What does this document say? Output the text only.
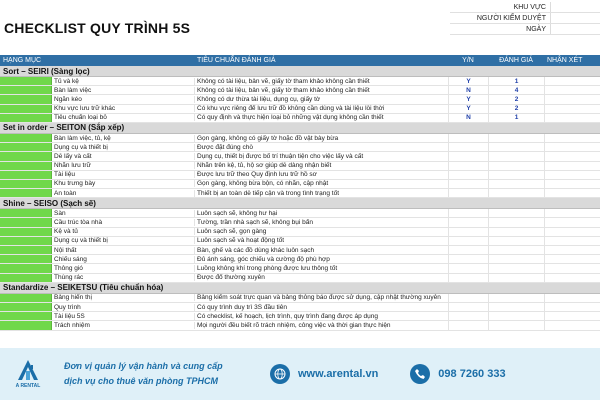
CHECKLIST QUY TRÌNH 5S
KHU VỰC
NGƯỜI KIỂM DUYỆT
NGÀY
HẠNG MỤC	TIÊU CHUẨN ĐÁNH GIÁ	Y/N	ĐÁNH GIÁ	NHẬN XÉT
Sort – SEIRI (Sàng lọc)
Tủ và kệ	Không có tài liệu, bản vẽ, giấy tờ tham khảo không cần thiết	Y	1
Bàn làm việc	Không có tài liệu, bản vẽ, giấy tờ tham khảo không cần thiết	N	4
Ngăn kéo	Không có dư thừa tài liệu, dụng cụ, giấy tờ	Y	2
Khu vực lưu trữ khác	Có khu vực riêng để lưu trữ đồ không cần dùng và tài liệu lỗi thời	Y	2
Tiêu chuẩn loại bỏ	Có quy định và thực hiện loại bỏ những vật dụng không cần thiết	N	1
Set in order – SEITON (Sắp xếp)
Bàn làm việc, tủ, kệ	Gọn gàng, không có giấy tờ hoặc đồ vật bày bừa
Dụng cụ và thiết bị	Được đặt đúng chỗ
Dễ lấy và cất	Dụng cụ, thiết bị được bố trí thuận tiện cho việc lấy và cất
Nhãn lưu trữ	Nhãn trên kệ, tủ, hộ sơ giúp dễ dàng nhận biết
Tài liệu	Được lưu trữ theo Quy định lưu trữ hồ sơ
Khu trưng bày	Gọn gàng, không bừa bộn, có nhãn, cập nhật
An toàn	Thiết bị an toàn dễ tiếp cận và trong tình trạng tốt
Shine – SEISO (Sạch sẽ)
Sàn	Luôn sạch sẽ, không hư hại
Cầu trúc tòa nhà	Tường, trần nhà sạch sẽ, không bụi bẩn
Kệ và tủ	Luôn sạch sẽ, gọn gàng
Dụng cụ và thiết bị	Luôn sạch sẽ và hoạt động tốt
Nội thất	Bàn, ghế và các đồ dùng khác luôn sạch
Chiếu sáng	Đủ ánh sáng, góc chiếu và cường độ phù hợp
Thông gió	Luồng không khí trong phòng được lưu thông tốt
Thùng rác	Được đổ thường xuyên
Standardize – SEIKETSU (Tiêu chuẩn hóa)
Bảng hiển thị	Bảng kiểm soát trực quan và bảng thông báo được sử dụng, cập nhật thường xuyên
Quy trình	Có quy trình duy trì 3S đầu tiên
Tài liệu 5S	Có checklist, kế hoạch, lịch trình, quy trình đang được áp dụng
Trách nhiệm	Mọi người đều biết rõ trách nhiệm, công việc và thời gian thực hiện
A RENTAL
Đơn vị quản lý vận hành và cung cấp
dịch vụ cho thuê văn phòng TPHCM
www.arental.vn	098 7260 333
